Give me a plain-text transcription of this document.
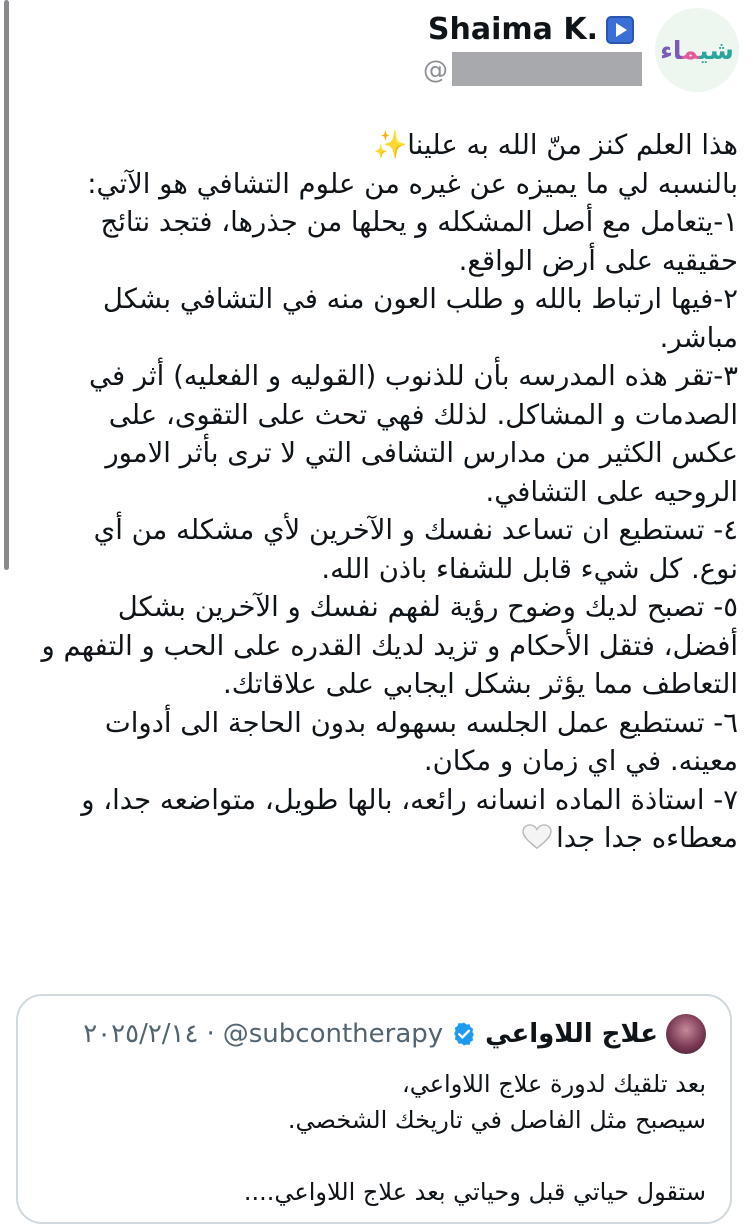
شيماء
Shaima K.
@
هذا العلم كنز منّ الله به علينا✨
بالنسبه لي ما يميزه عن غيره من علوم التشافي هو الآتي:
١-يتعامل مع أصل المشكله و يحلها من جذرها، فتجد نتائج
حقيقيه على أرض الواقع.
٢-فيها ارتباط بالله و طلب العون منه في التشافي بشكل
مباشر.
٣-تقر هذه المدرسه بأن للذنوب (القوليه و الفعليه) أثر في
الصدمات و المشاكل. لذلك فهي تحث على التقوى، على
عكس الكثير من مدارس التشافى التي لا ترى بأثر الامور
الروحيه على التشافي.
٤- تستطيع ان تساعد نفسك و الآخرين لأي مشكله من أي
نوع. كل شيء قابل للشفاء باذن الله.
٥- تصبح لديك وضوح رؤية لفهم نفسك و الآخرين بشكل
أفضل، فتقل الأحكام و تزيد لديك القدره على الحب و التفهم و
التعاطف مما يؤثر بشكل ايجابي على علاقاتك.
٦- تستطيع عمل الجلسه بسهوله بدون الحاجة الى أدوات
معينه. في اي زمان و مكان.
٧- استاذة الماده انسانه رائعه، بالها طويل، متواضعه جدا، و
معطاءه جدا جدا
علاج اللاواعي
@subcontherapy
·
٢٠٢٥/٢/١٤
بعد تلقيك لدورة علاج اللاواعي،
سيصبح مثل الفاصل في تاريخك الشخصي.
ستقول حياتي قبل وحياتي بعد علاج اللاواعي....
